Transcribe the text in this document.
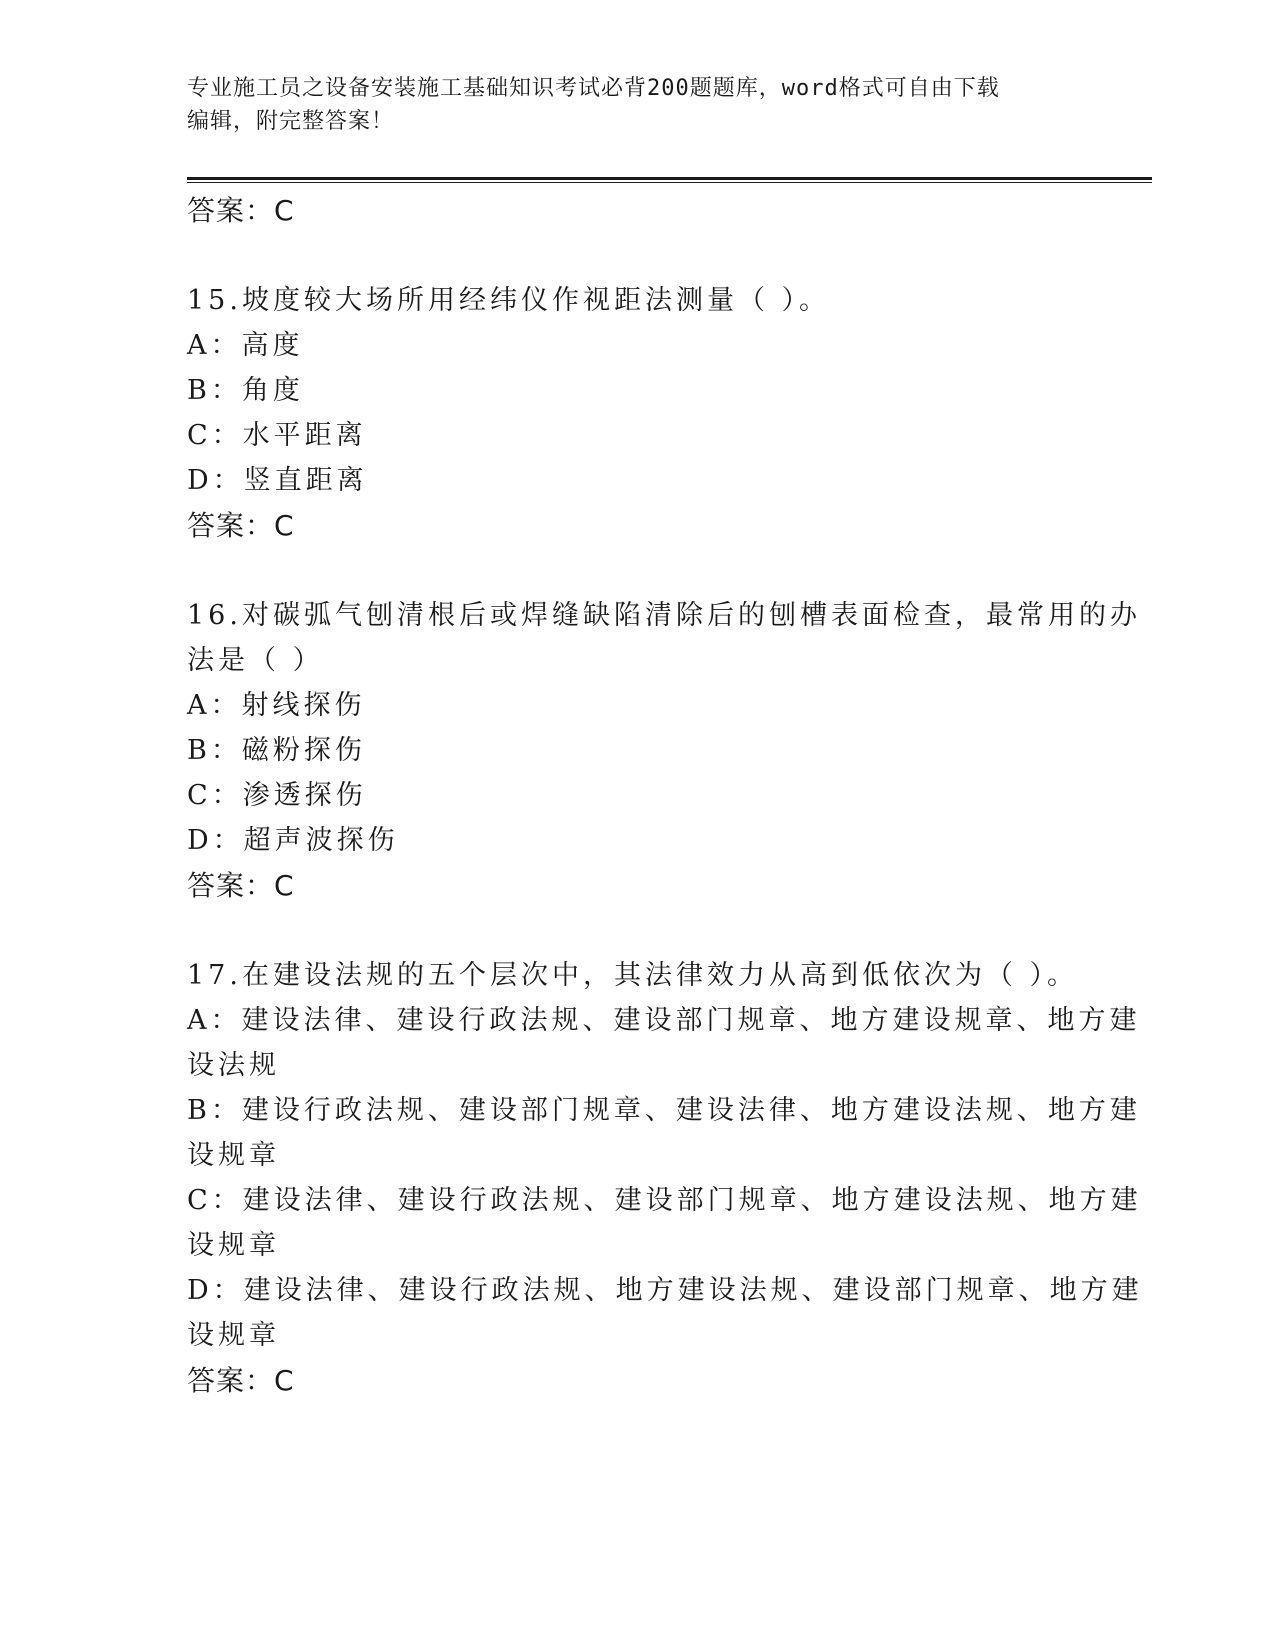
专业施工员之设备安装施工基础知识考试必背200题题库，word格式可自由下载
编辑，附完整答案！
答案：C
15.坡度较大场所用经纬仪作视距法测量（ ）。
A：高度
B：角度
C：水平距离
D：竖直距离
答案：C
16.对碳弧气刨清根后或焊缝缺陷清除后的刨槽表面检查，最常用的办
法是（ ）
A：射线探伤
B：磁粉探伤
C：渗透探伤
D：超声波探伤
答案：C
17.在建设法规的五个层次中，其法律效力从高到低依次为（ ）。
A：建设法律、建设行政法规、建设部门规章、地方建设规章、地方建
设法规
B：建设行政法规、建设部门规章、建设法律、地方建设法规、地方建
设规章
C：建设法律、建设行政法规、建设部门规章、地方建设法规、地方建
设规章
D：建设法律、建设行政法规、地方建设法规、建设部门规章、地方建
设规章
答案：C
